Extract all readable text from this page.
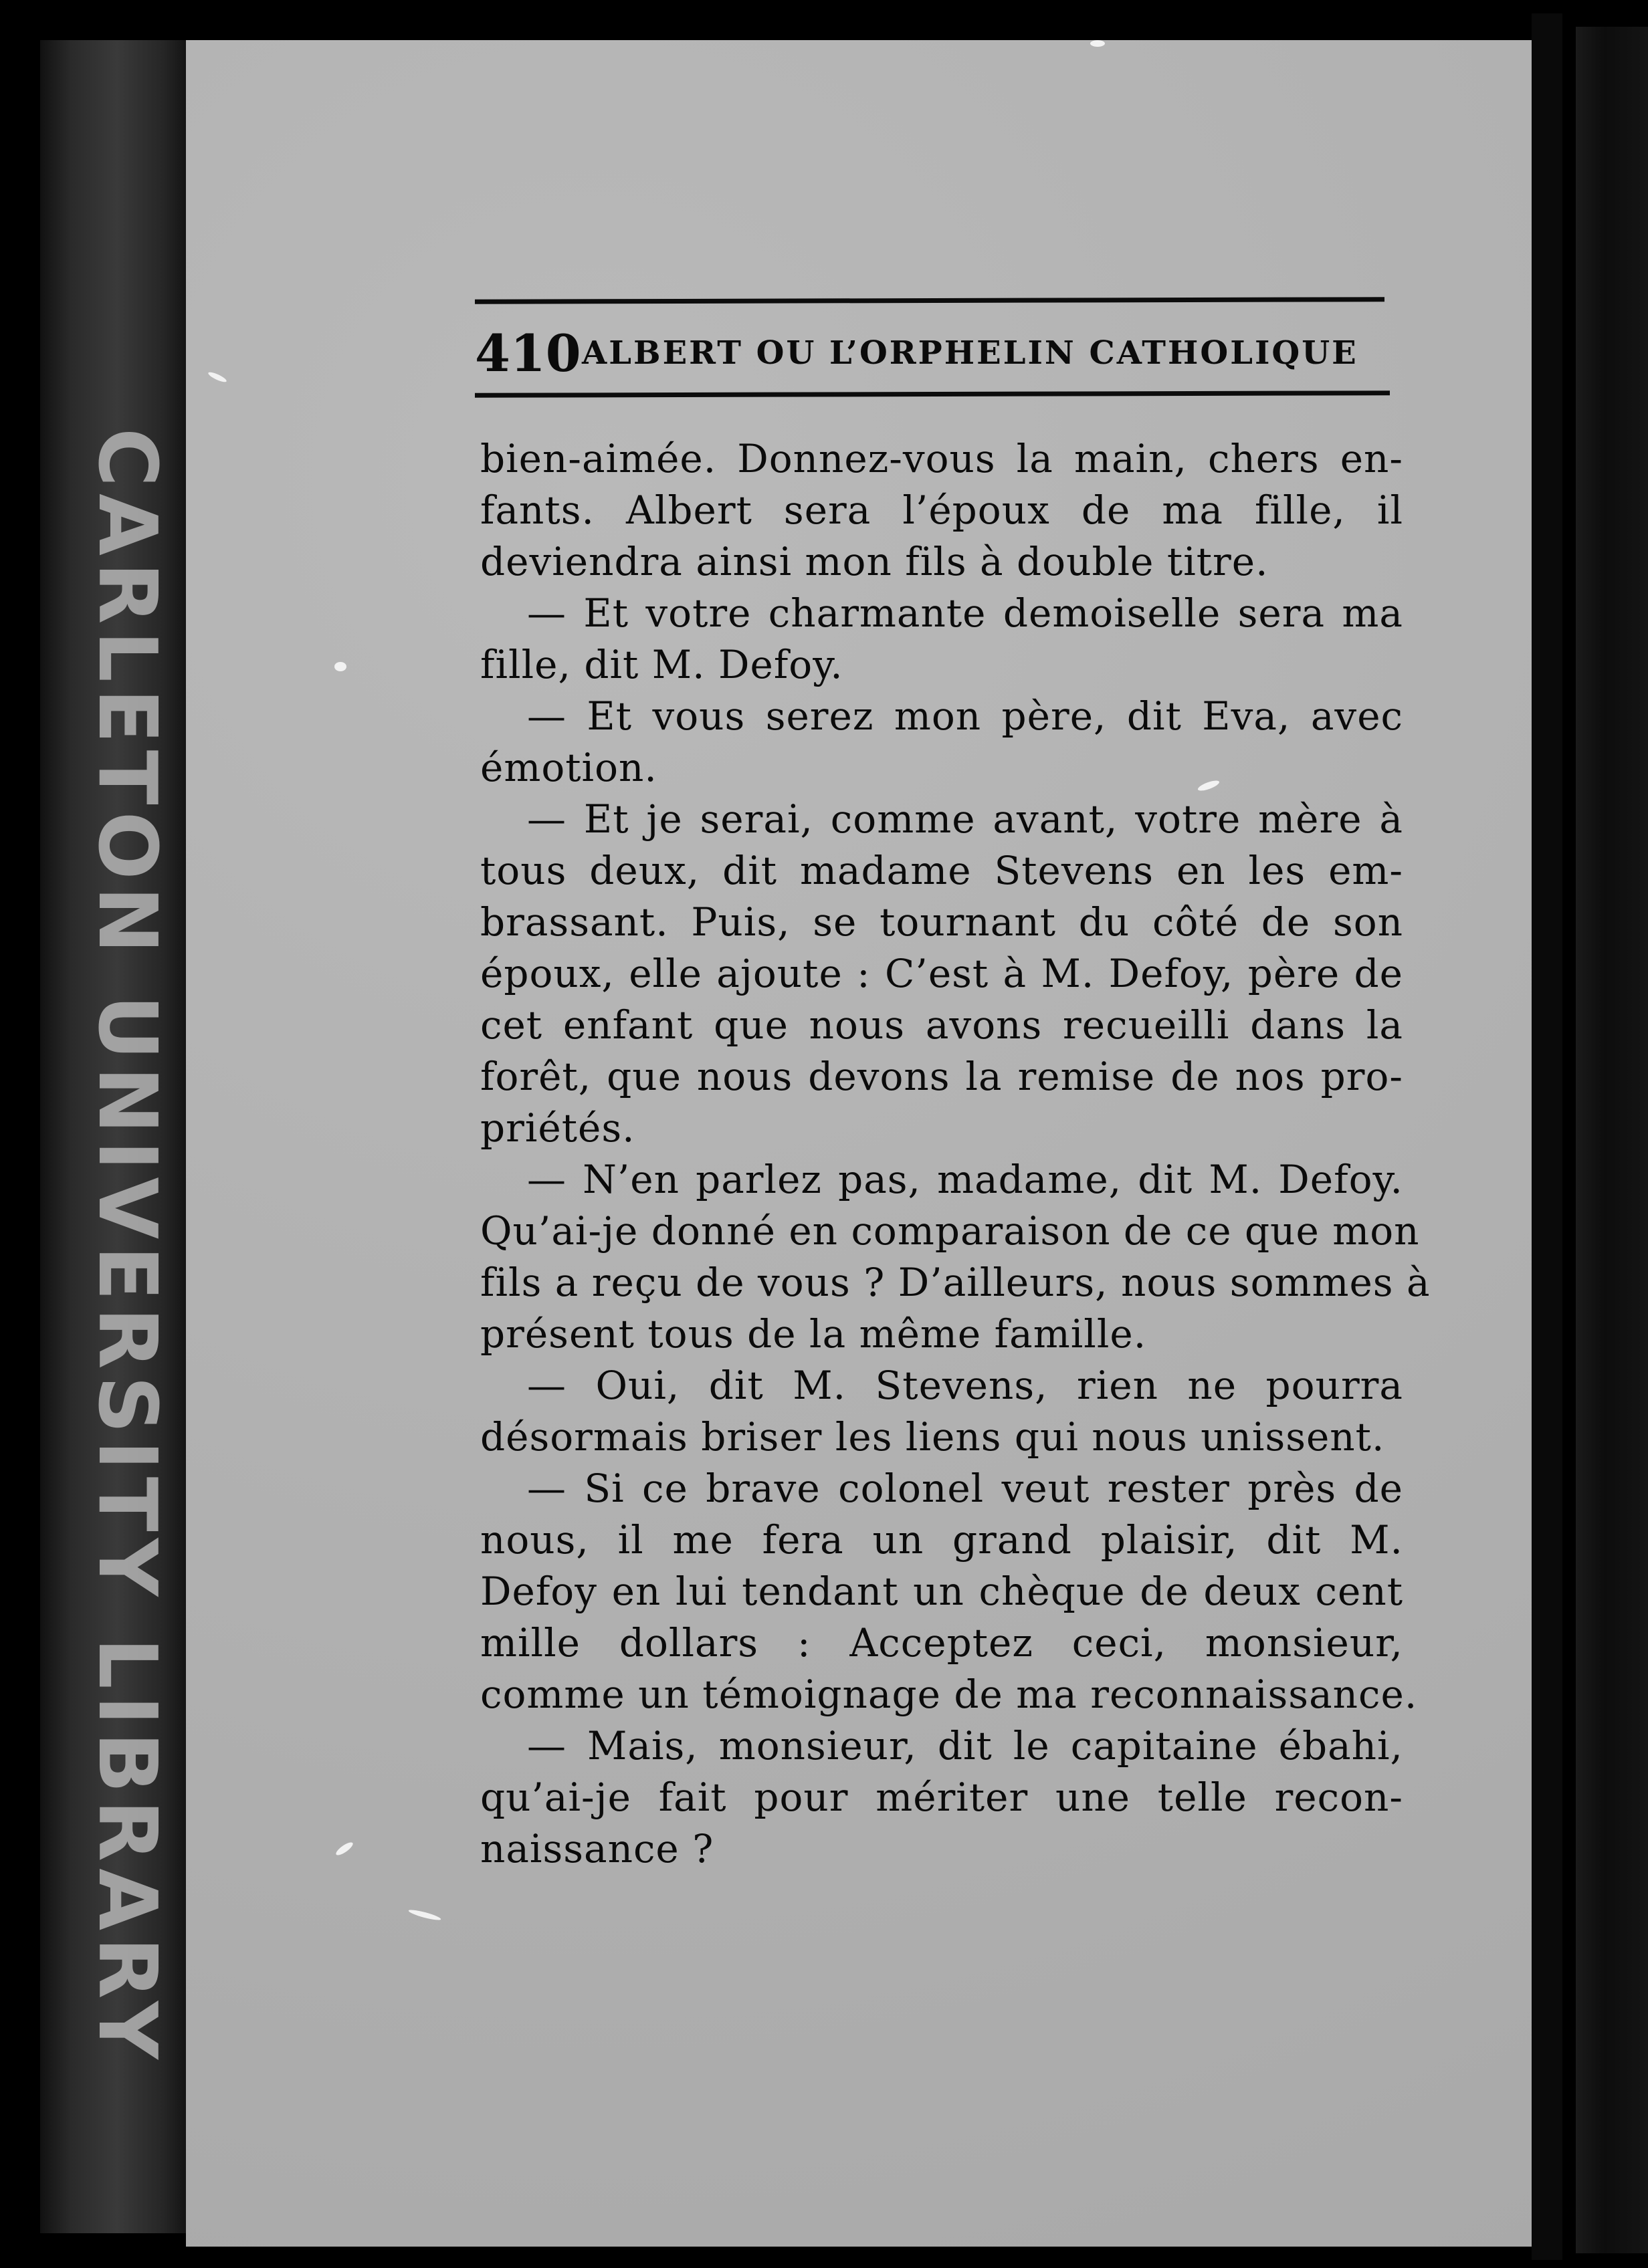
CARLETON UNIVERSITY LIBRARY
410 ALBERT OU L’ORPHELIN CATHOLIQUE
bien-aimée. Donnez-vous la main, chers en-
fants. Albert sera l’époux de ma fille, il
deviendra ainsi mon fils à double titre.
— Et votre charmante demoiselle sera ma
fille, dit M. Defoy.
— Et vous serez mon père, dit Eva, avec
émotion.
— Et je serai, comme avant, votre mère à
tous deux, dit madame Stevens en les em-
brassant. Puis, se tournant du côté de son
époux, elle ajoute : C’est à M. Defoy, père de
cet enfant que nous avons recueilli dans la
forêt, que nous devons la remise de nos pro-
priétés.
— N’en parlez pas, madame, dit M. Defoy.
Qu’ai-je donné en comparaison de ce que mon
fils a reçu de vous ? D’ailleurs, nous sommes à
présent tous de la même famille.
— Oui, dit M. Stevens, rien ne pourra
désormais briser les liens qui nous unissent.
— Si ce brave colonel veut rester près de
nous, il me fera un grand plaisir, dit M.
Defoy en lui tendant un chèque de deux cent
mille dollars : Acceptez ceci, monsieur,
comme un témoignage de ma reconnaissance.
— Mais, monsieur, dit le capitaine ébahi,
qu’ai-je fait pour mériter une telle recon-
naissance ?
